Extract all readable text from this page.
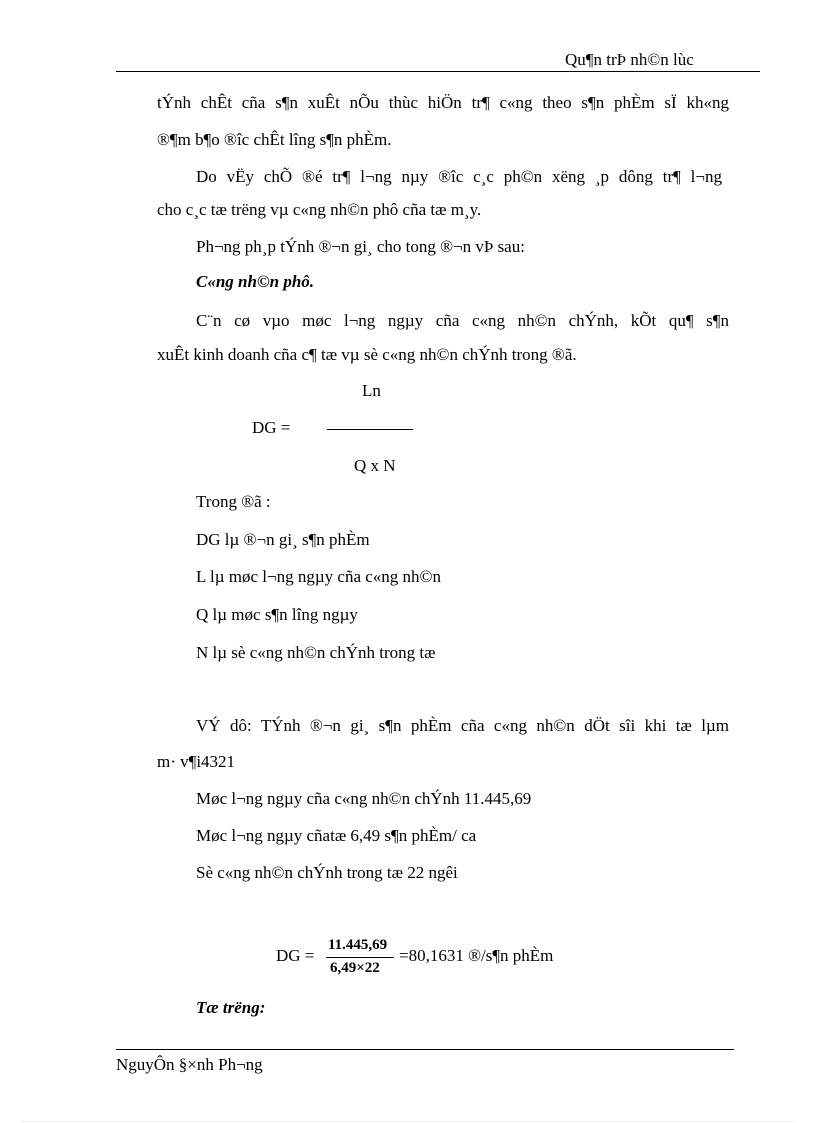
Qu¶n trÞ nh©n lùc
tÝnh chÊt cña s¶n xuÊt nÕu thùc hiÖn tr¶ c«ng theo s¶n phÈm sÏ kh«ng
®¶m b¶o ®îc chÊt lîng s¶n phÈm.
Do vËy chÕ ®é tr¶ l¬ng nµy ®îc c¸c ph©n xëng ¸p dông tr¶ l¬ng
cho c¸c tæ trëng vµ c«ng nh©n phô cña tæ m¸y.
Ph¬ng ph¸p tÝnh ®¬n gi¸ cho tong ®¬n vÞ sau:
C«ng nh©n phô.
C¨n cø vµo møc l¬ng ngµy cña c«ng nh©n chÝnh, kÕt qu¶ s¶n
xuÊt kinh doanh cña c¶ tæ vµ sè c«ng nh©n chÝnh trong ®ã.
Ln
DG =
Q x N
Trong ®ã :
DG lµ ®¬n gi¸ s¶n phÈm
L lµ møc l¬ng ngµy cña c«ng nh©n
Q lµ møc s¶n lîng ngµy
N lµ sè c«ng nh©n chÝnh trong tæ
VÝ dô: TÝnh ®¬n gi¸ s¶n phÈm cña c«ng nh©n dÖt sîi khi tæ lµm
m· v¶i4321
Møc l¬ng ngµy cña c«ng nh©n chÝnh 11.445,69
Møc l¬ng ngµy cñatæ 6,49 s¶n phÈm/ ca
Sè c«ng nh©n chÝnh trong tæ 22 ngêi
DG =
11.445,69
6,49×22
=80,1631 ®/s¶n phÈm
Tæ trëng:
NguyÔn §×nh Ph¬ng
